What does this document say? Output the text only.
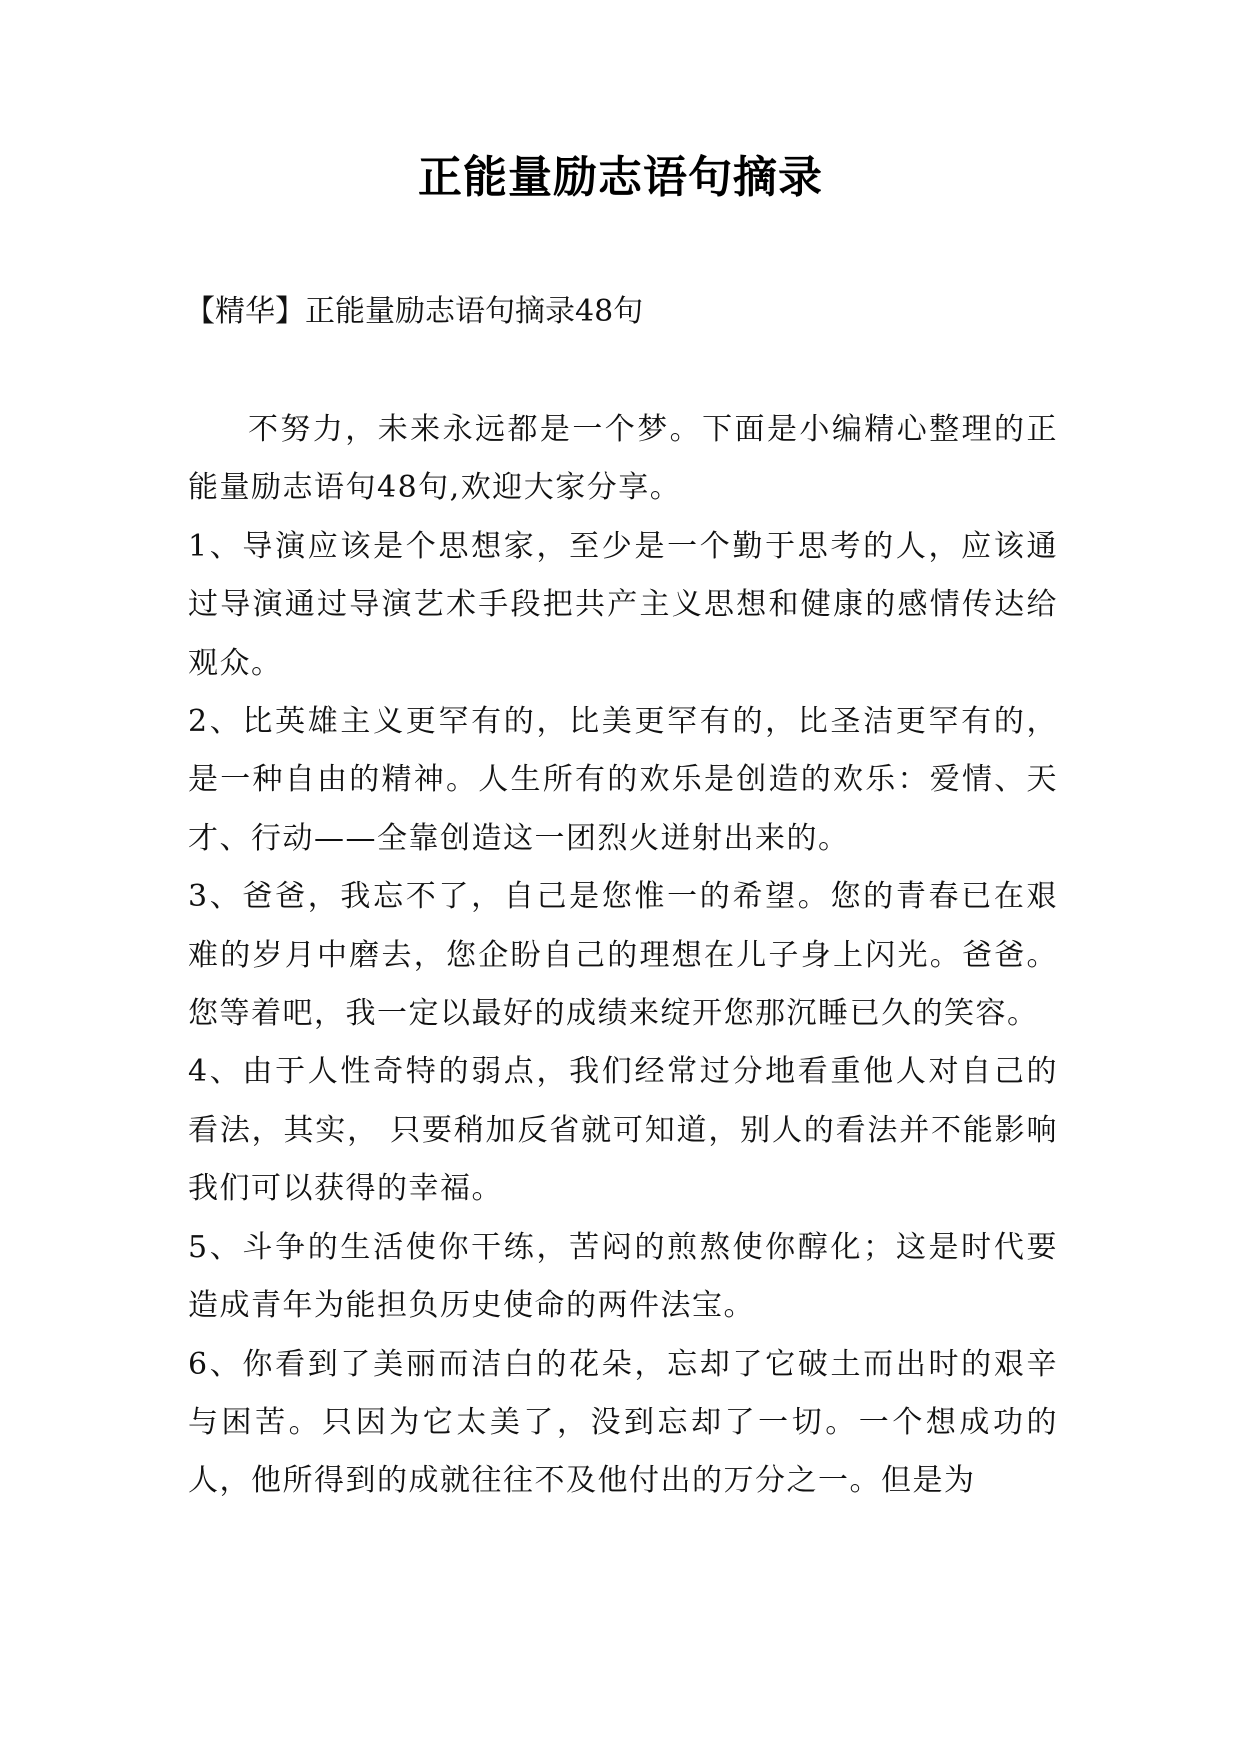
正能量励志语句摘录
【精华】正能量励志语句摘录48句

不努力，未来永远都是一个梦。下面是小编精心整理的正能量励志语句48句,欢迎大家分享。

1、导演应该是个思想家，至少是一个勤于思考的人，应该通过导演通过导演艺术手段把共产主义思想和健康的感情传达给观众。

2、比英雄主义更罕有的，比美更罕有的，比圣洁更罕有的，是一种自由的精神。人生所有的欢乐是创造的欢乐：爱情、天才、行动——全靠创造这一团烈火迸射出来的。

3、爸爸，我忘不了，自己是您惟一的希望。您的青春已在艰难的岁月中磨去，您企盼自己的理想在儿子身上闪光。爸爸。您等着吧，我一定以最好的成绩来绽开您那沉睡已久的笑容。

4、由于人性奇特的弱点，我们经常过分地看重他人对自己的看法，其实， 只要稍加反省就可知道，别人的看法并不能影响我们可以获得的幸福。

5、斗争的生活使你干练，苦闷的煎熬使你醇化；这是时代要造成青年为能担负历史使命的两件法宝。

6、你看到了美丽而洁白的花朵，忘却了它破土而出时的艰辛与困苦。只因为它太美了，没到忘却了一切。一个想成功的人，他所得到的成就往往不及他付出的万分之一。但是为
